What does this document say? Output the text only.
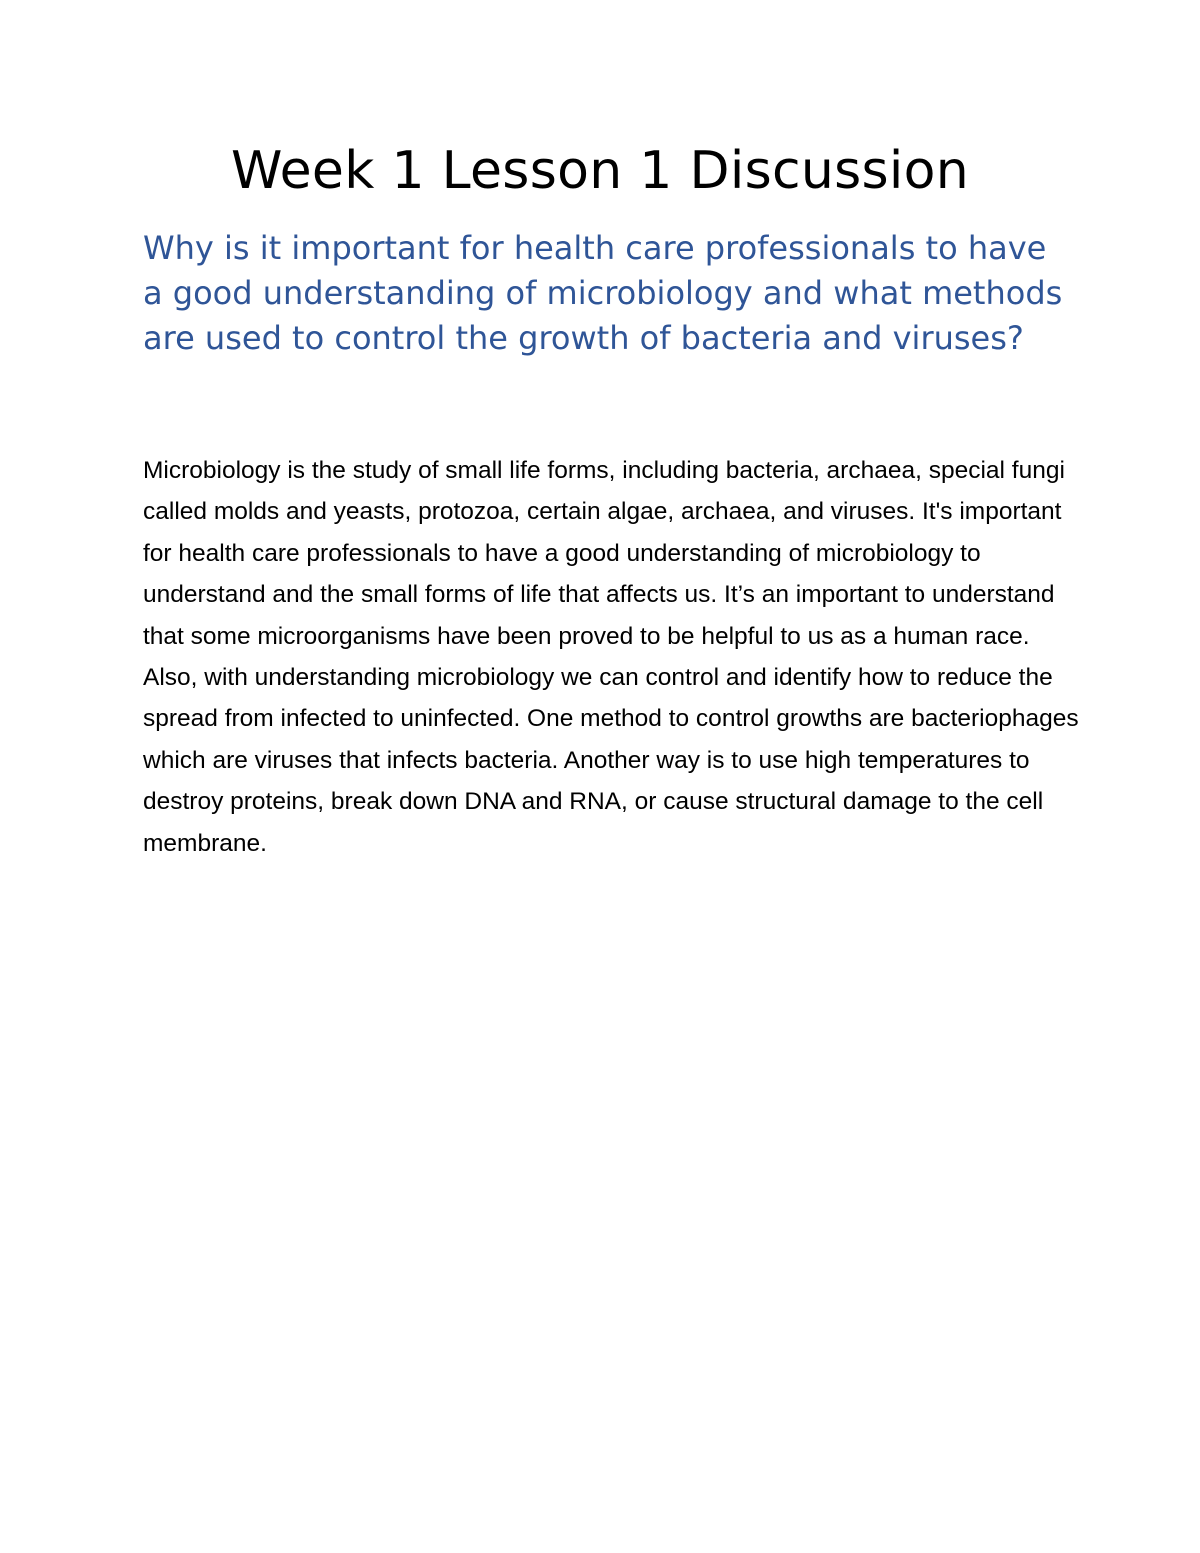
Week 1 Lesson 1 Discussion
Why is it important for health care professionals to have a good understanding of microbiology and what methods are used to control the growth of bacteria and viruses?

Microbiology is the study of small life forms, including bacteria, archaea, special fungi called molds and yeasts, protozoa, certain algae, archaea, and viruses. It's important for health care professionals to have a good understanding of microbiology to understand and the small forms of life that affects us. It’s an important to understand that some microorganisms have been proved to be helpful to us as a human race. Also, with understanding microbiology we can control and identify how to reduce the spread from infected to uninfected. One method to control growths are bacteriophages which are viruses that infects bacteria. Another way is to use high temperatures to destroy proteins, break down DNA and RNA, or cause structural damage to the cell membrane.
